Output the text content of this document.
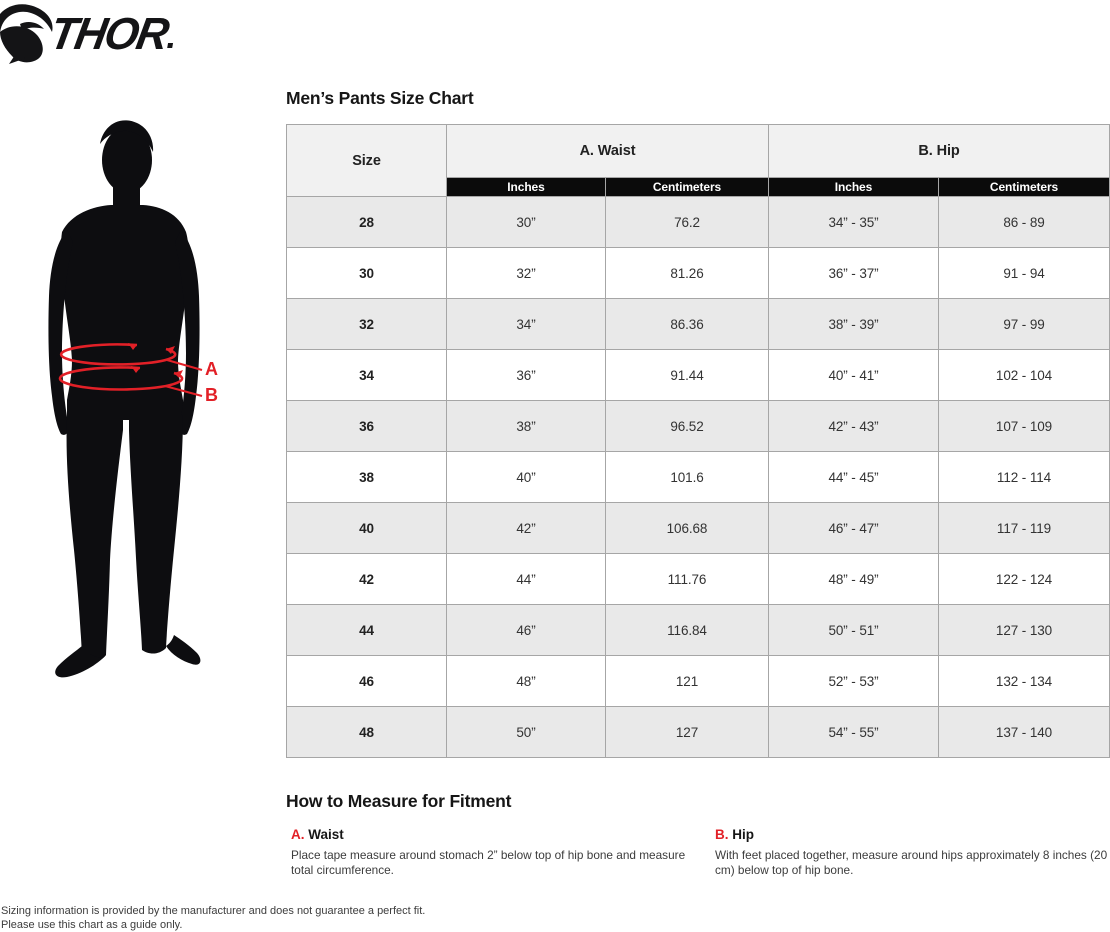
THOR
A
B
Men’s Pants Size Chart
Size	A. Waist		B. Hip	
	Inches	Centimeters	Inches	Centimeters
28	30”	76.2	34” - 35”	86 - 89
30	32”	81.26	36” - 37”	91 - 94
32	34”	86.36	38” - 39”	97 - 99
34	36”	91.44	40” - 41”	102 - 104
36	38”	96.52	42” - 43”	107 - 109
38	40”	101.6	44” - 45”	112 - 114
40	42”	106.68	46” - 47”	117 - 119
42	44”	111.76	48” - 49”	122 - 124
44	46”	116.84	50” - 51”	127 - 130
46	48”	121	52” - 53”	132 - 134
48	50”	127	54” - 55”	137 - 140
How to Measure for Fitment
A. Waist
Place tape measure around stomach 2” below top of hip bone and measure total circumference.
B. Hip
With feet placed together, measure around hips approximately 8 inches (20 cm) below top of hip bone.
Sizing information is provided by the manufacturer and does not guarantee a perfect fit.
Please use this chart as a guide only.
